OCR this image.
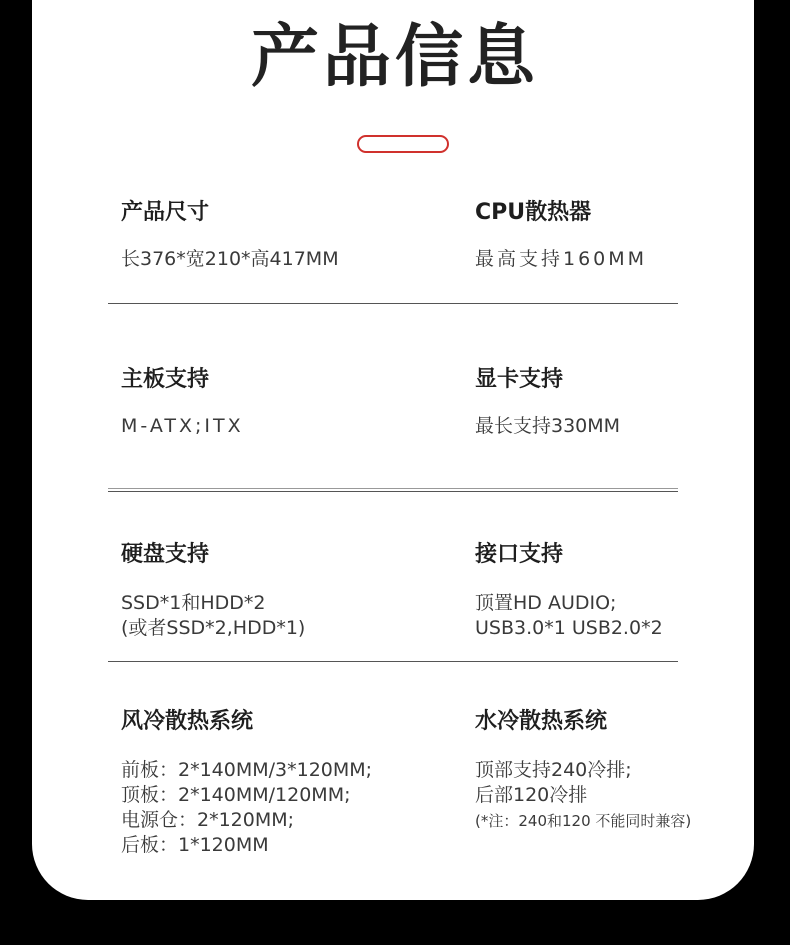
产品信息
产品尺寸
长376*宽210*高417MM
CPU散热器
最高支持160MM
主板支持
M-ATX;ITX
显卡支持
最长支持330MM
硬盘支持
SSD*1和HDD*2
(或者SSD*2,HDD*1)
接口支持
顶置HD AUDIO;
USB3.0*1 USB2.0*2
风冷散热系统
前板：2*140MM/3*120MM;
顶板：2*140MM/120MM;
电源仓：2*120MM;
后板：1*120MM
水冷散热系统
顶部支持240冷排;
后部120冷排
(*注：240和120 不能同时兼容)
